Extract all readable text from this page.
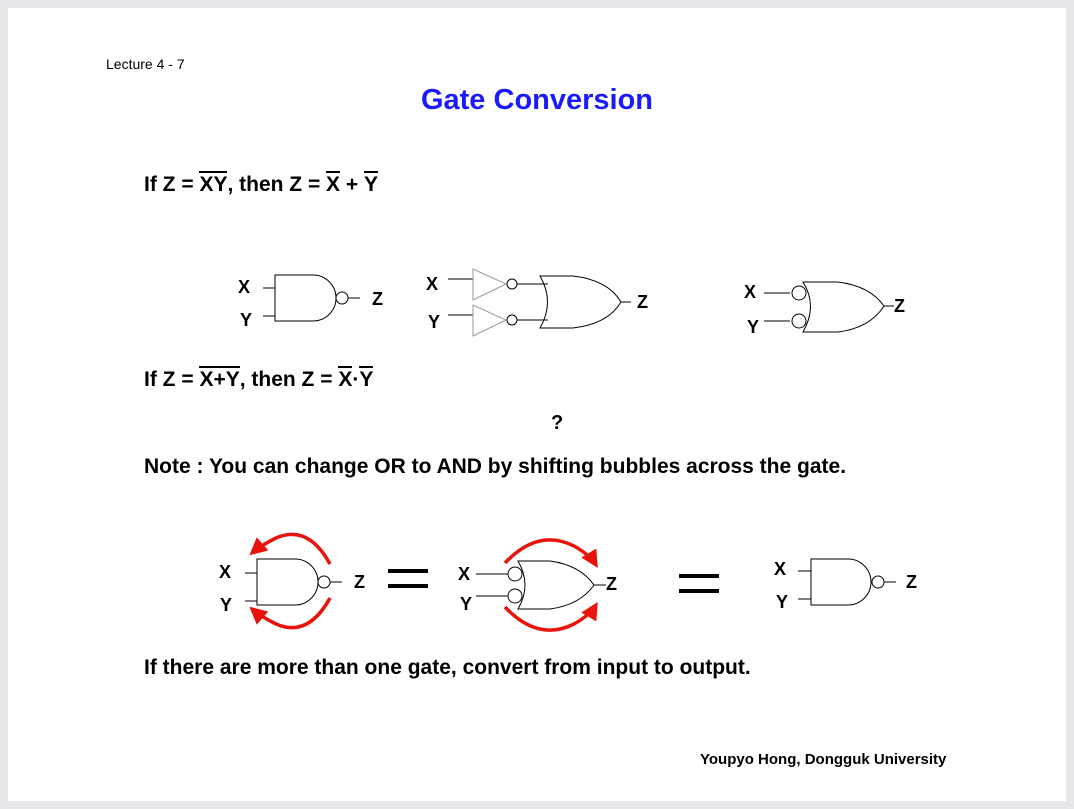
Lecture 4 - 7
Gate Conversion
If Z = XY, then Z = X + Y
If Z = X+Y, then Z = X·Y
?
Note : You can change OR to AND by shifting bubbles across the gate.
If there are more than one gate, convert from input to output.
Youpyo Hong, Dongguk University
X
Y
Z
X
Y
Z	X
Y
Z
X
Y
Z	X
Y
Z
X
Y
Z
